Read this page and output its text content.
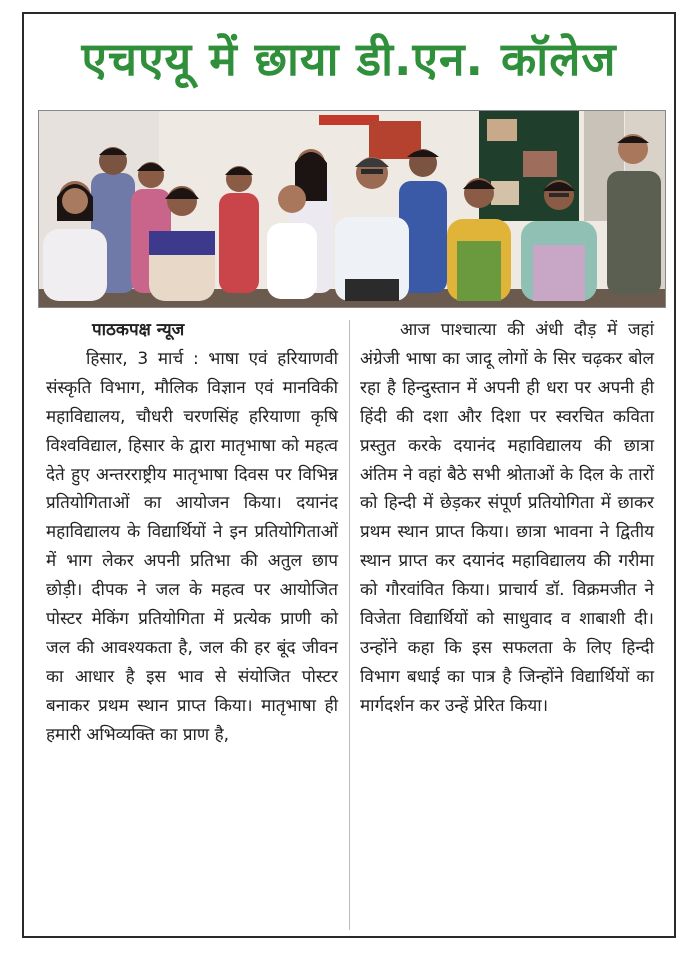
एचएयू में छाया डी.एन. कॉलेज
पाठकपक्ष न्यूज

हिसार, 3 मार्च : भाषा एवं हरियाणवी संस्कृति विभाग, मौलिक विज्ञान एवं मानविकी महाविद्यालय, चौधरी चरणसिंह हरियाणा कृषि विश्वविद्याल, हिसार के द्वारा मातृभाषा को महत्व देते हुए अन्तरराष्ट्रीय मातृभाषा दिवस पर विभिन्न प्रतियोगिताओं का आयोजन किया। दयानंद महाविद्यालय के विद्यार्थियों ने इन प्रतियोगिताओं में भाग लेकर अपनी प्रतिभा की अतुल छाप छोड़ी। दीपक ने जल के महत्व पर आयोजित पोस्टर मेकिंग प्रतियोगिता में प्रत्येक प्राणी को जल की आवश्यकता है, जल की हर बूंद जीवन का आधार है इस भाव से संयोजित पोस्टर बनाकर प्रथम स्थान प्राप्त किया। मातृभाषा ही हमारी अभिव्यक्ति का प्राण है,

आज पाश्चात्या की अंधी दौड़ में जहां अंग्रेजी भाषा का जादू लोगों के सिर चढ़कर बोल रहा है हिन्दुस्तान में अपनी ही धरा पर अपनी ही हिंदी की दशा और दिशा पर स्वरचित कविता प्रस्तुत करके दयानंद महाविद्यालय की छात्रा अंतिम ने वहां बैठे सभी श्रोताओं के दिल के तारों को हिन्दी में छेड़कर संपूर्ण प्रतियोगिता में छाकर प्रथम स्थान प्राप्त किया। छात्रा भावना ने द्वितीय स्थान प्राप्त कर दयानंद महाविद्यालय की गरीमा को गौरवांवित किया। प्राचार्य डॉ. विक्रमजीत ने विजेता विद्यार्थियों को साधुवाद व शाबाशी दी। उन्होंने कहा कि इस सफलता के लिए हिन्दी विभाग बधाई का पात्र है जिन्होंने विद्यार्थियों का मार्गदर्शन कर उन्हें प्रेरित किया।
